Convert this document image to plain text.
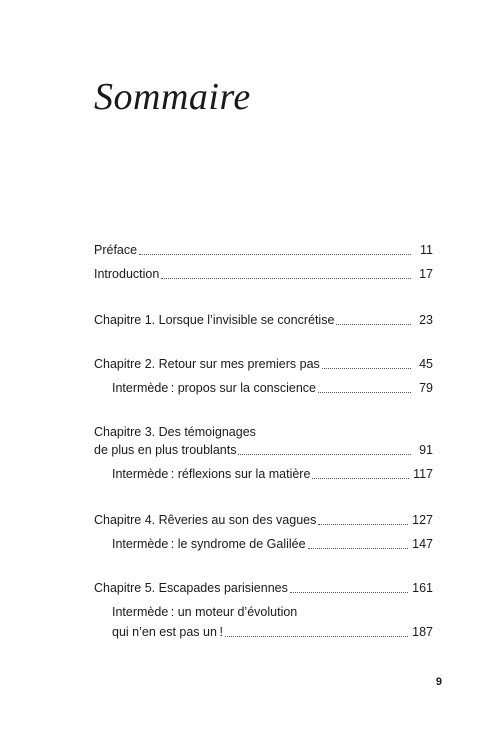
Sommaire
Préface	11
Introduction	17
Chapitre 1. Lorsque l’invisible se concrétise	23
Chapitre 2. Retour sur mes premiers pas	45
Intermède : propos sur la conscience	79
Chapitre 3. Des témoignages
de plus en plus troublants	91
Intermède : réflexions sur la matière	117
Chapitre 4. Rêveries au son des vagues	127
Intermède : le syndrome de Galilée	147
Chapitre 5. Escapades parisiennes	161
Intermède : un moteur d’évolution
qui n’en est pas un !	187
9
